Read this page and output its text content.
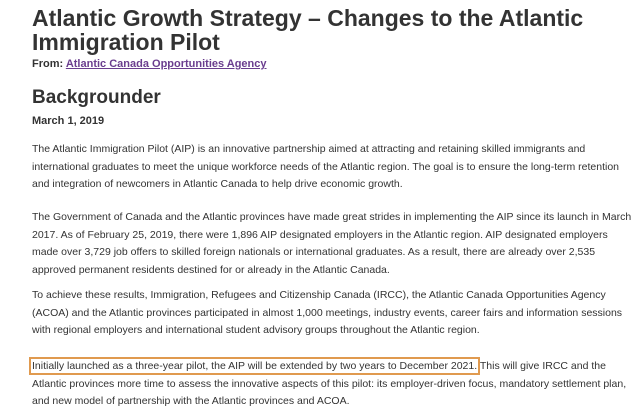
Atlantic Growth Strategy – Changes to the Atlantic Immigration Pilot
From: Atlantic Canada Opportunities Agency
Backgrounder
March 1, 2019

The Atlantic Immigration Pilot (AIP) is an innovative partnership aimed at attracting and retaining skilled immigrants and international graduates to meet the unique workforce needs of the Atlantic region. The goal is to ensure the long-term retention and integration of newcomers in Atlantic Canada to help drive economic growth.

The Government of Canada and the Atlantic provinces have made great strides in implementing the AIP since its launch in March 2017. As of February 25, 2019, there were 1,896 AIP designated employers in the Atlantic region. AIP designated employers made over 3,729 job offers to skilled foreign nationals or international graduates. As a result, there are already over 2,535 approved permanent residents destined for or already in the Atlantic Canada.

To achieve these results, Immigration, Refugees and Citizenship Canada (IRCC), the Atlantic Canada Opportunities Agency (ACOA) and the Atlantic provinces participated in almost 1,000 meetings, industry events, career fairs and information sessions with regional employers and international student advisory groups throughout the Atlantic region.

Initially launched as a three-year pilot, the AIP will be extended by two years to December 2021. This will give IRCC and the Atlantic provinces more time to assess the innovative aspects of this pilot: its employer-driven focus, mandatory settlement plan, and new model of partnership with the Atlantic provinces and ACOA.
